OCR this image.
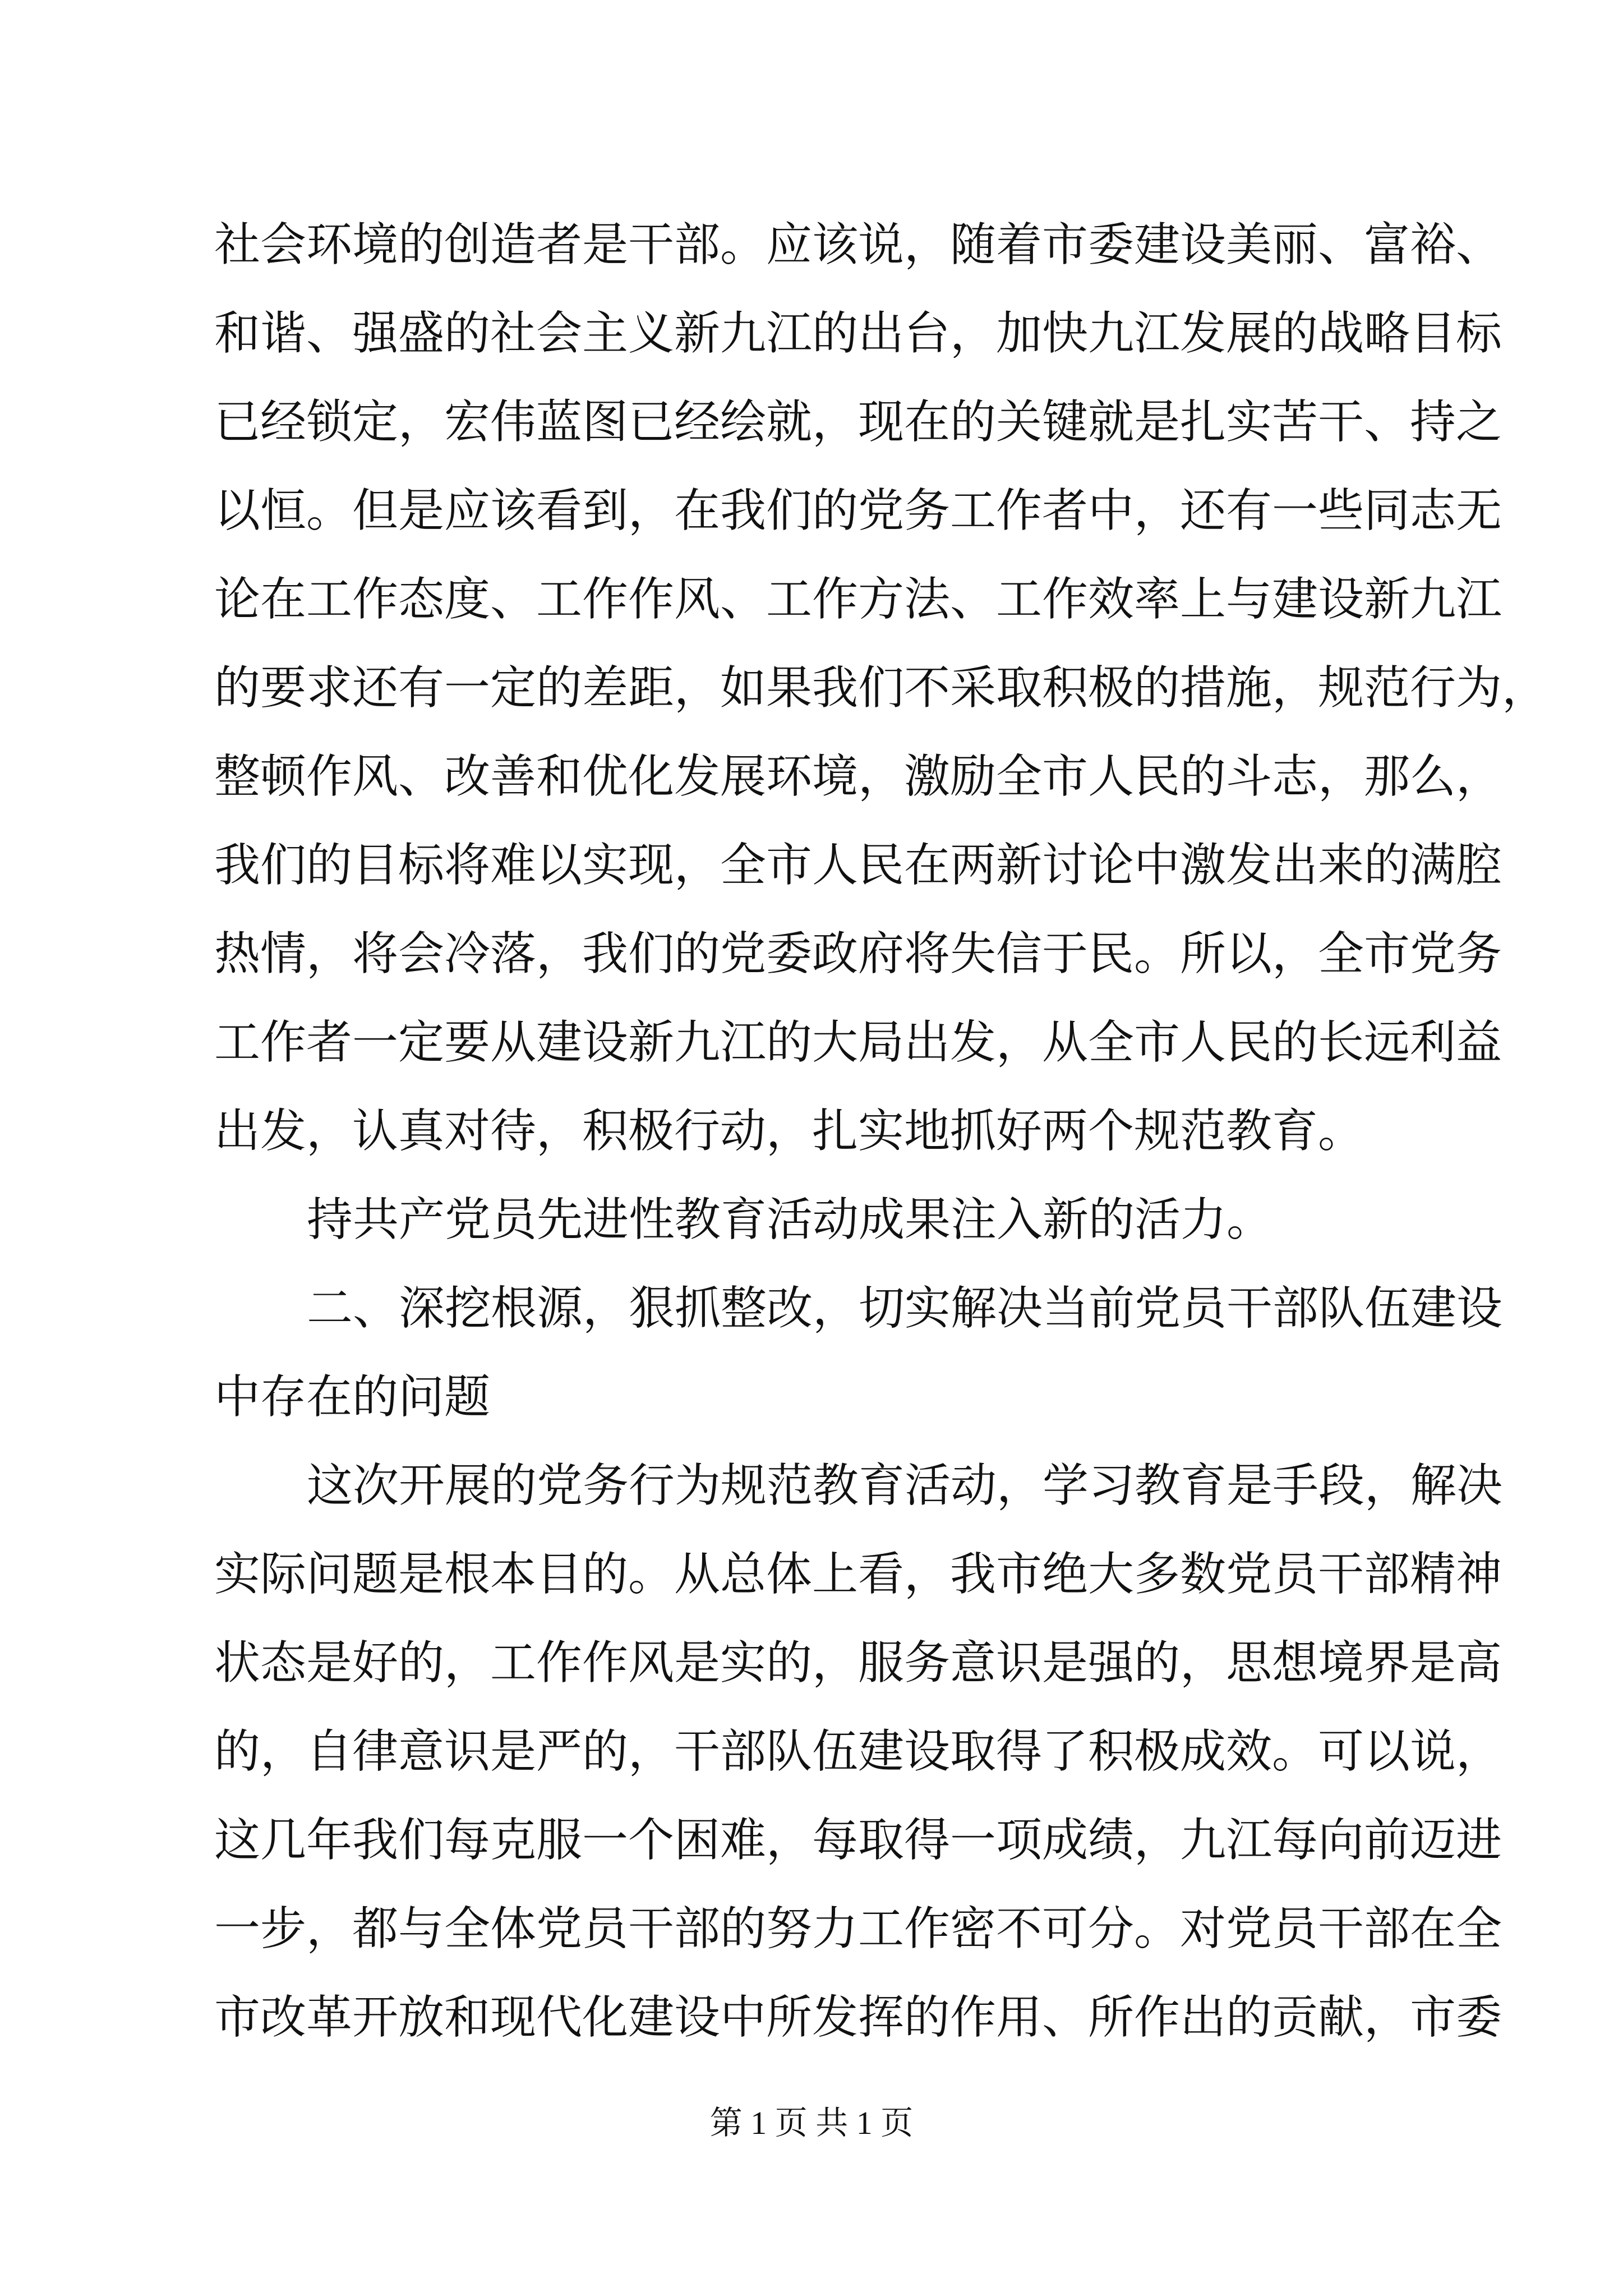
社会环境的创造者是干部。应该说，随着市委建设美丽、富裕、
和谐、强盛的社会主义新九江的出台，加快九江发展的战略目标
已经锁定，宏伟蓝图已经绘就，现在的关键就是扎实苦干、持之
以恒。但是应该看到，在我们的党务工作者中，还有一些同志无
论在工作态度、工作作风、工作方法、工作效率上与建设新九江
的要求还有一定的差距，如果我们不采取积极的措施，规范行为，
整顿作风、改善和优化发展环境，激励全市人民的斗志，那么，
我们的目标将难以实现，全市人民在两新讨论中激发出来的满腔
热情，将会冷落，我们的党委政府将失信于民。所以，全市党务
工作者一定要从建设新九江的大局出发，从全市人民的长远利益
出发，认真对待，积极行动，扎实地抓好两个规范教育。
持共产党员先进性教育活动成果注入新的活力。
二、深挖根源，狠抓整改，切实解决当前党员干部队伍建设
中存在的问题
这次开展的党务行为规范教育活动，学习教育是手段，解决
实际问题是根本目的。从总体上看，我市绝大多数党员干部精神
状态是好的，工作作风是实的，服务意识是强的，思想境界是高
的，自律意识是严的，干部队伍建设取得了积极成效。可以说，
这几年我们每克服一个困难，每取得一项成绩，九江每向前迈进
一步，都与全体党员干部的努力工作密不可分。对党员干部在全
市改革开放和现代化建设中所发挥的作用、所作出的贡献，市委
第 1 页 共 1 页
